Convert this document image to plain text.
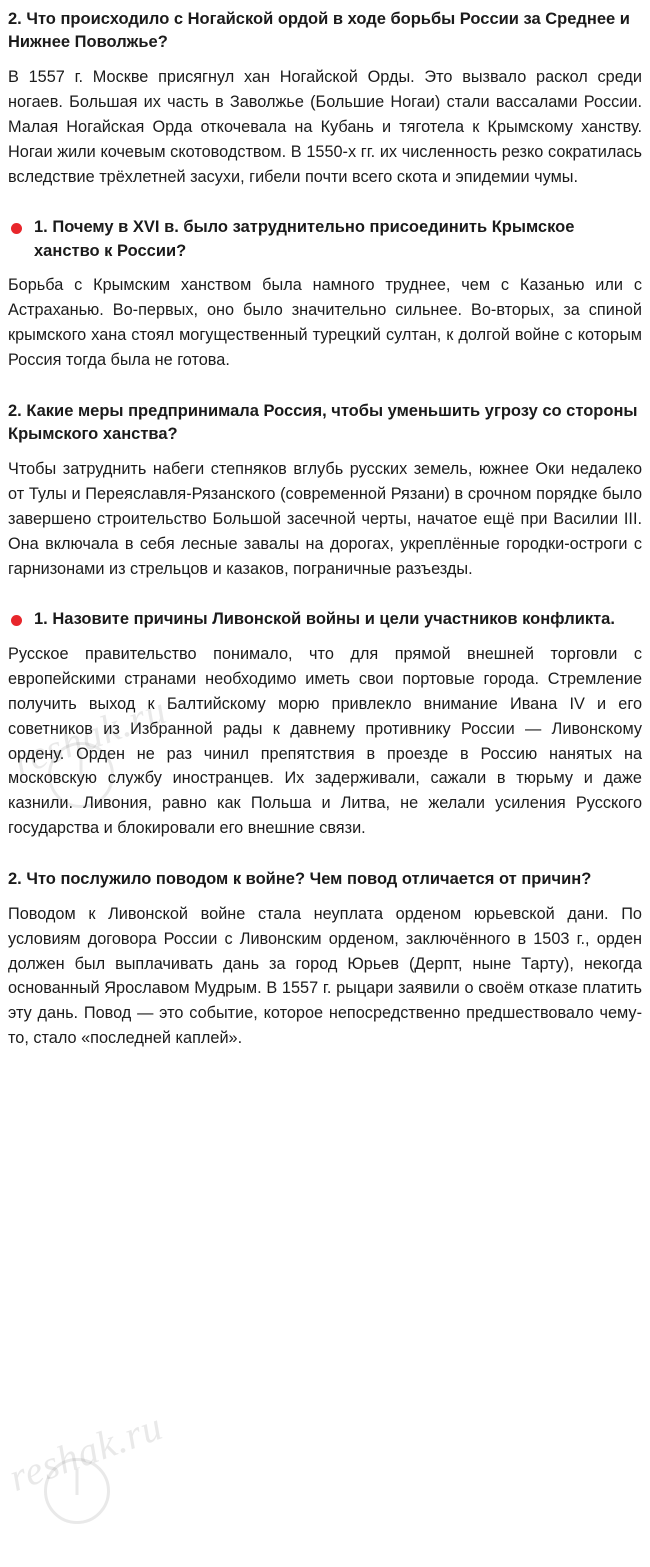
reshak.ru
reshak.ru
2. Что происходило с Ногайской ордой в ходе борьбы России за Среднее и Нижнее Поволжье?

В 1557 г. Москве присягнул хан Ногайской Орды. Это вызвало раскол среди ногаев. Большая их часть в Заволжье (Большие Ногаи) стали вассалами России. Малая Ногайская Орда откочевала на Кубань и тяготела к Крымскому ханству. Ногаи жили кочевым скотоводством. В 1550-х гг. их численность резко сократилась вследствие трёхлетней засухи, гибели почти всего скота и эпидемии чумы.

1. Почему в XVI в. было затруднительно присоединить Крымское ханство к России?

Борьба с Крымским ханством была намного труднее, чем с Казанью или с Астраханью. Во-первых, оно было значительно сильнее. Во-вторых, за спиной крымского хана стоял могущественный турецкий султан, к долгой войне с которым Россия тогда была не готова.

2. Какие меры предпринимала Россия, чтобы уменьшить угрозу со стороны Крымского ханства?

Чтобы затруднить набеги степняков вглубь русских земель, южнее Оки недалеко от Тулы и Переяславля-Рязанского (современной Рязани) в срочном порядке было завершено строительство Большой засечной черты, начатое ещё при Василии III. Она включала в себя лесные завалы на дорогах, укреплённые городки-остроги с гарнизонами из стрельцов и казаков, пограничные разъезды.

1. Назовите причины Ливонской войны и цели участников конфликта.

Русское правительство понимало, что для прямой внешней торговли с европейскими странами необходимо иметь свои портовые города. Стремление получить выход к Балтийскому морю привлекло внимание Ивана IV и его советников из Избранной рады к давнему противнику России — Ливонскому ордену. Орден не раз чинил препятствия в проезде в Россию нанятых на московскую службу иностранцев. Их задерживали, сажали в тюрьму и даже казнили. Ливония, равно как Польша и Литва, не желали усиления Русского государства и блокировали его внешние связи.

2. Что послужило поводом к войне? Чем повод отличается от причин?

Поводом к Ливонской войне стала неуплата орденом юрьевской дани. По условиям договора России с Ливонским орденом, заключённого в 1503 г., орден должен был выплачивать дань за город Юрьев (Дерпт, ныне Тарту), некогда основанный Ярославом Мудрым. В 1557 г. рыцари заявили о своём отказе платить эту дань. Повод — это событие, которое непосредственно предшествовало чему-то, стало «последней каплей».
